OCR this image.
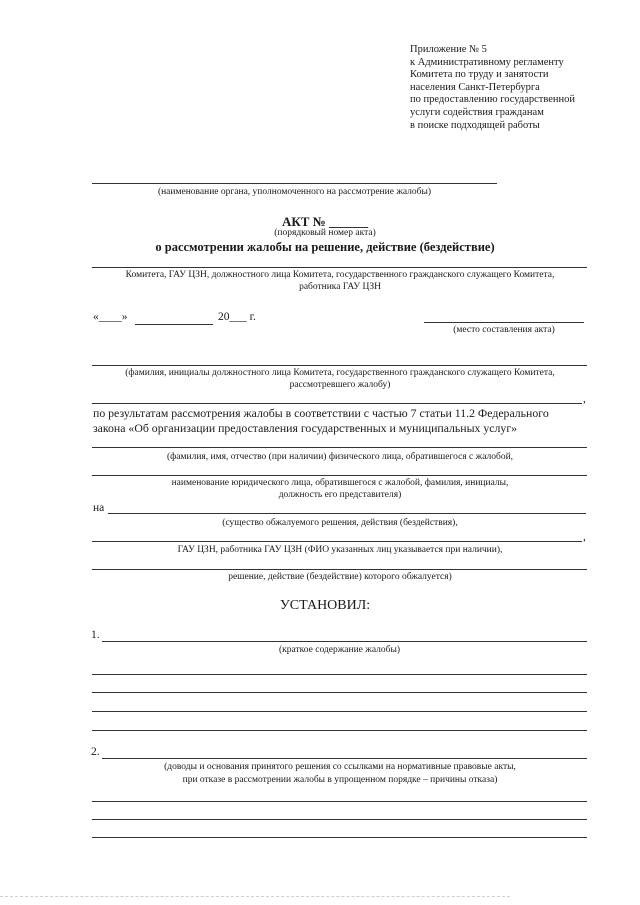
Приложение № 5
к Административному регламенту
Комитета по труду и занятости
населения Санкт-Петербурга
по предоставлению государственной
услуги содействия гражданам
в поиске подходящей работы
(наименование органа, уполномоченного на рассмотрение жалобы)
АКТ № ______
(порядковый номер акта)
о рассмотрении жалобы на решение, действие (бездействие)
Комитета, ГАУ ЦЗН, должностного лица Комитета, государственного гражданского служащего Комитета,
работника ГАУ ЦЗН
«____»	20___ г.
(место составления акта)
(фамилия, инициалы должностного лица Комитета, государственного гражданского служащего Комитета,
рассмотревшего жалобу)
,
по результатам рассмотрения жалобы в соответствии с частью 7 статьи 11.2 Федерального
закона «Об организации предоставления государственных и муниципальных услуг»
(фамилия, имя, отчество (при наличии) физического лица, обратившегося с жалобой,
наименование юридического лица, обратившегося с жалобой, фамилия, инициалы,
должность его представителя)
на
(существо обжалуемого решения, действия (бездействия),
,
ГАУ ЦЗН, работника ГАУ ЦЗН (ФИО указанных лиц указывается при наличии),
решение, действие (бездействие) которого обжалуется)
УСТАНОВИЛ:
1.
(краткое содержание жалобы)
2.
(доводы и основания принятого решения со ссылками на нормативные правовые акты,
при отказе в рассмотрении жалобы в упрощенном порядке – причины отказа)
